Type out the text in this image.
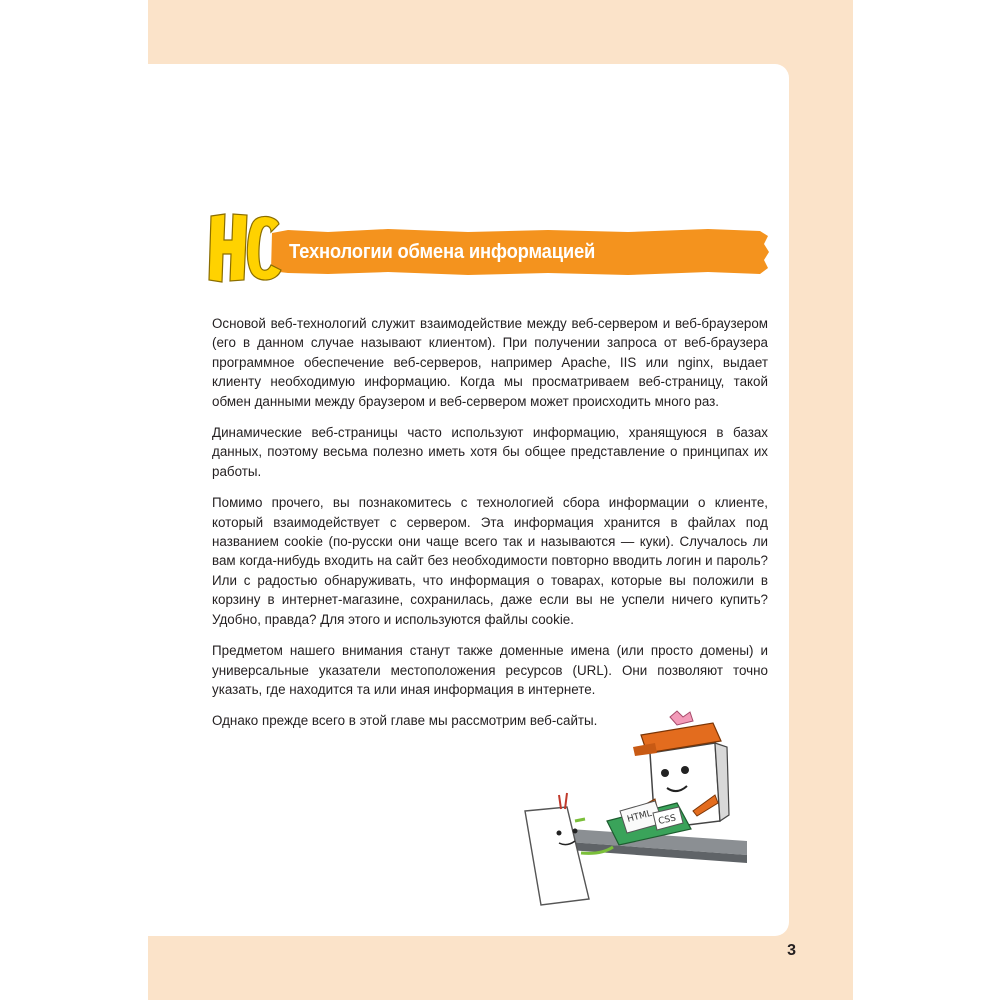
Технологии обмена информацией

Основой веб-технологий служит взаимодействие между веб-сервером и веб-браузером (его в данном случае называют клиентом). При получении запроса от веб-браузера программное обеспечение веб-серверов, например Apache, IIS или nginx, выдает клиенту необходимую информацию. Когда мы просматриваем веб-страницу, такой обмен данными между браузером и веб-сервером может происходить много раз.

Динамические веб-страницы часто используют информацию, хранящуюся в базах данных, поэтому весьма полезно иметь хотя бы общее представление о принципах их работы.

Помимо прочего, вы познакомитесь с технологией сбора информации о клиенте, который взаимодействует с сервером. Эта информация хранится в файлах под названием cookie (по-русски они чаще всего так и называются — куки). Случалось ли вам когда-нибудь входить на сайт без необходимости повторно вводить логин и пароль? Или с радостью обнаруживать, что информация о товарах, которые вы положили в корзину в интернет-магазине, сохранилась, даже если вы не успели ничего купить? Удобно, правда? Для этого и используются файлы cookie.

Предметом нашего внимания станут также доменные имена (или просто домены) и универсальные указатели местоположения ресурсов (URL). Они позволяют точно указать, где находится та или иная информация в интернете.

Однако прежде всего в этой главе мы рассмотрим веб-сайты.

HTML CSS
3
